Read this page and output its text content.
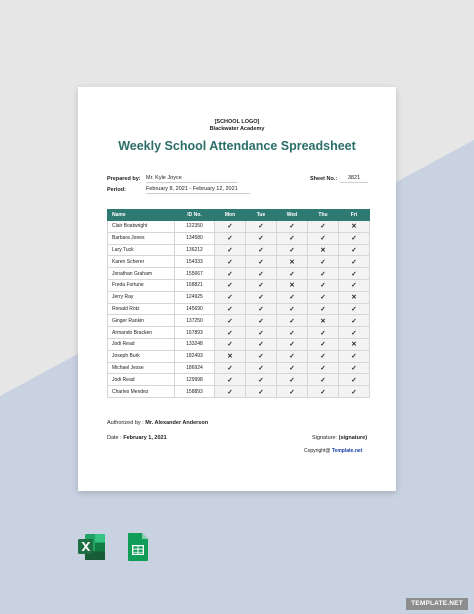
[SCHOOL LOGO]
Blackwater Academy
Weekly School Attendance Spreadsheet
Prepared by: Mr. Kyle Joyce	Sheet No.:	3821
Period:	February 8, 2021 - February 12, 2021
Name	ID No.	Mon	Tue	Wed	Thu	Fri
Clair Boatwright	122350	✓	✓	✓	✓	✕
Barbara Jones	134580	✓	✓	✓	✓	✓
Lary Tuck	136212	✓	✓	✓	✕	✓
Karen Scherer	154333	✓	✓	✕	✓	✓
Jonathan Graham	155667	✓	✓	✓	✓	✓
Freda Fortune	168821	✓	✓	✕	✓	✓
Jerry Ray	124925	✓	✓	✓	✓	✕
Ronald Rotz	145690	✓	✓	✓	✓	✓
Ginger Rankin	137250	✓	✓	✓	✕	✓
Armando Bracken	167893	✓	✓	✓	✓	✓
Jodi Read	133248	✓	✓	✓	✓	✕
Joseph Burk	182493	✕	✓	✓	✓	✓
Michael Jesse	186924	✓	✓	✓	✓	✓
Jodi Read	129998	✓	✓	✓	✓	✓
Charles Mendez	158893	✓	✓	✓	✓	✓
Authorized by : Mr. Alexander Anderson
Date : February 1, 2021	Signature: (signature)
Copyright@ Template.net
TEMPLATE.NET
